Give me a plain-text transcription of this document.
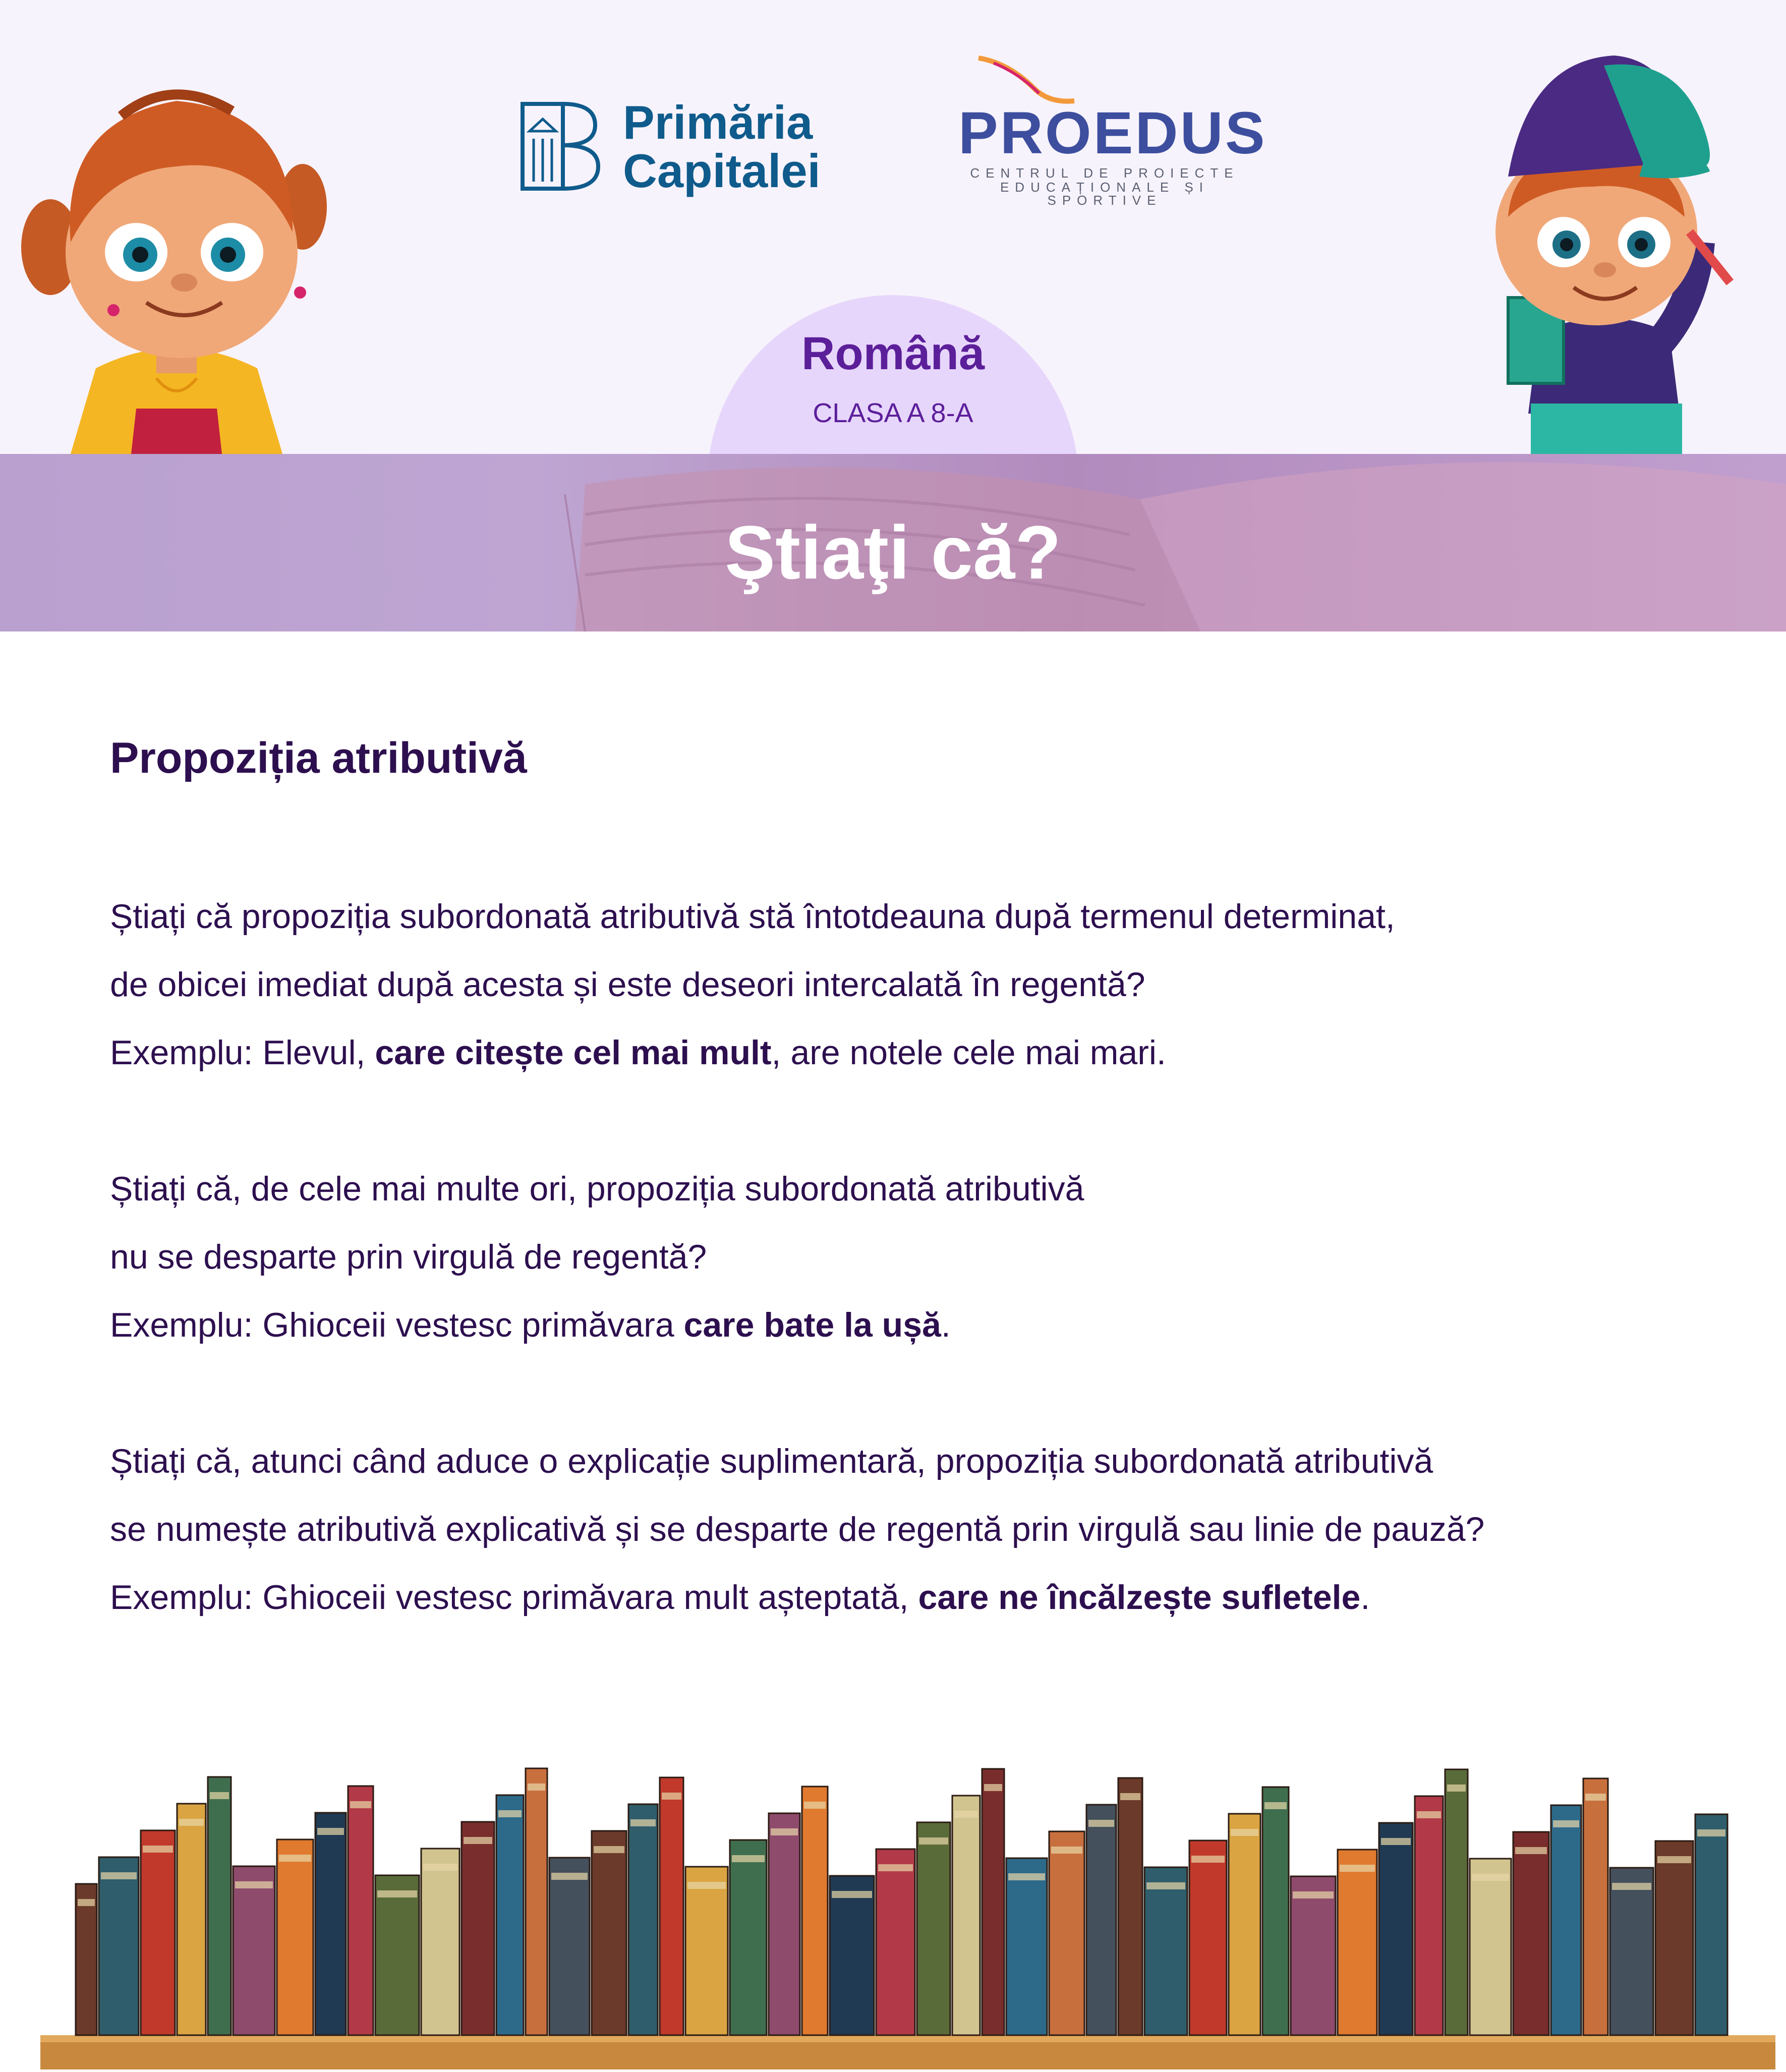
Primăria
Capitalei
PROEDUS
CENTRUL DE PROIECTE
EDUCAȚIONALE ȘI SPORTIVE
Română
CLASA A 8-A
Ştiaţi că?
Propoziția atributivă
Știați că propoziția subordonată atributivă stă întotdeauna după termenul determinat,
de obicei imediat după acesta și este deseori intercalată în regentă?
Exemplu: Elevul, care citește cel mai mult, are notele cele mai mari.
Știați că, de cele mai multe ori, propoziția subordonată atributivă
nu se desparte prin virgulă de regentă?
Exemplu: Ghioceii vestesc primăvara care bate la ușă.
Știați că, atunci când aduce o explicație suplimentară, propoziția subordonată atributivă
se numește atributivă explicativă și se desparte de regentă prin virgulă sau linie de pauză?
Exemplu: Ghioceii vestesc primăvara mult așteptată, care ne încălzește sufletele.
